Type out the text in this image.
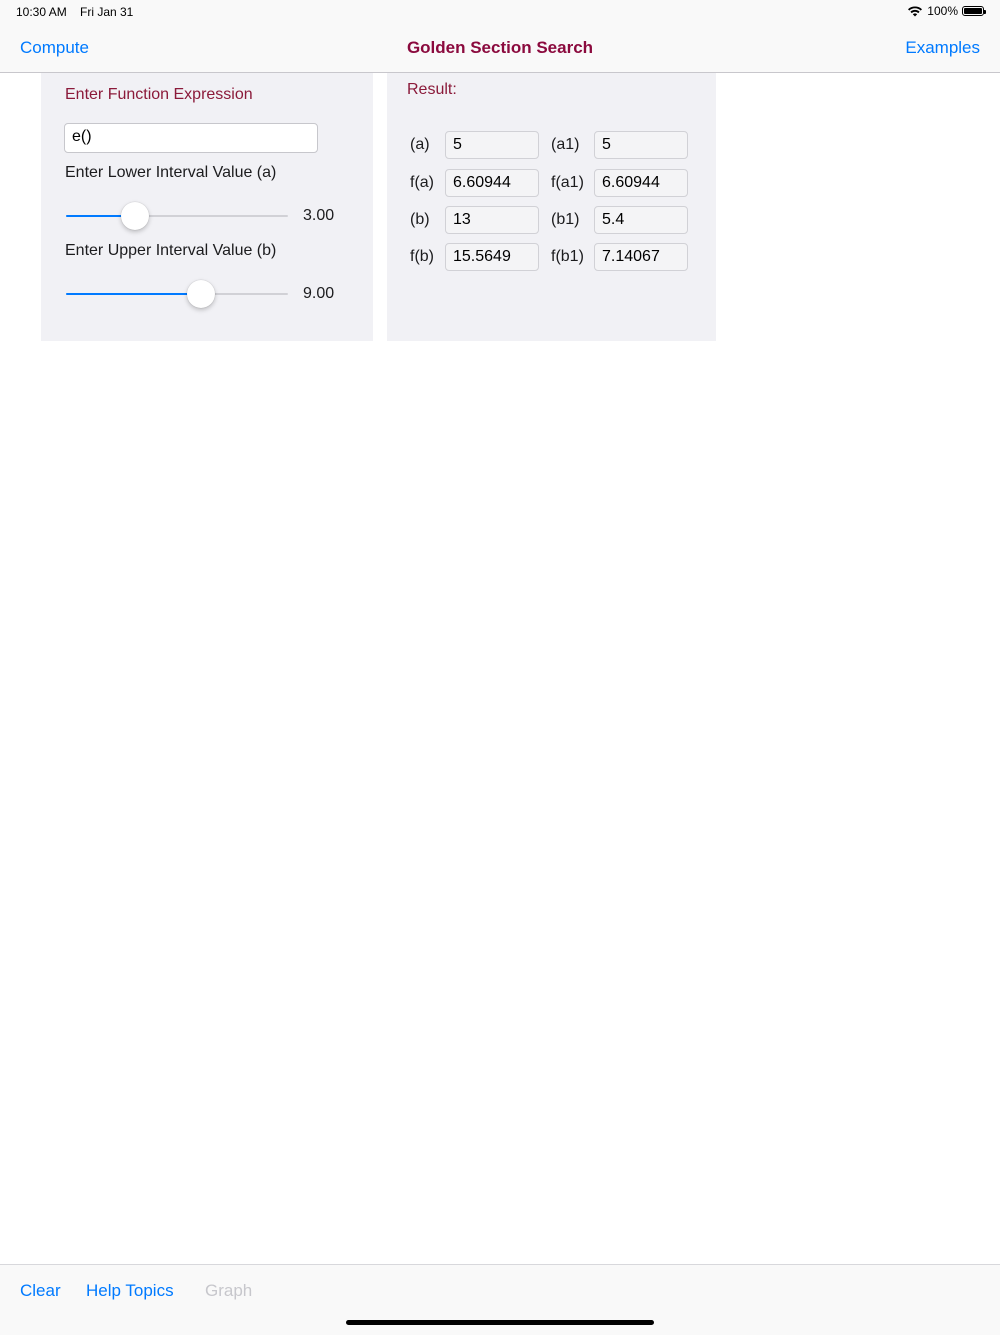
10:30 AM Fri Jan 31	100%
Compute	Golden Section Search	Examples
Enter Function Expression
e()
Enter Lower Interval Value (a)
3.00
Enter Upper Interval Value (b)
9.00
Result:
(a)	5	(a1)	5
f(a)	6.60944	f(a1)	6.60944
(b)	13	(b1)	5.4
f(b)	15.5649	f(b1)	7.14067
Clear Help Topics Graph
